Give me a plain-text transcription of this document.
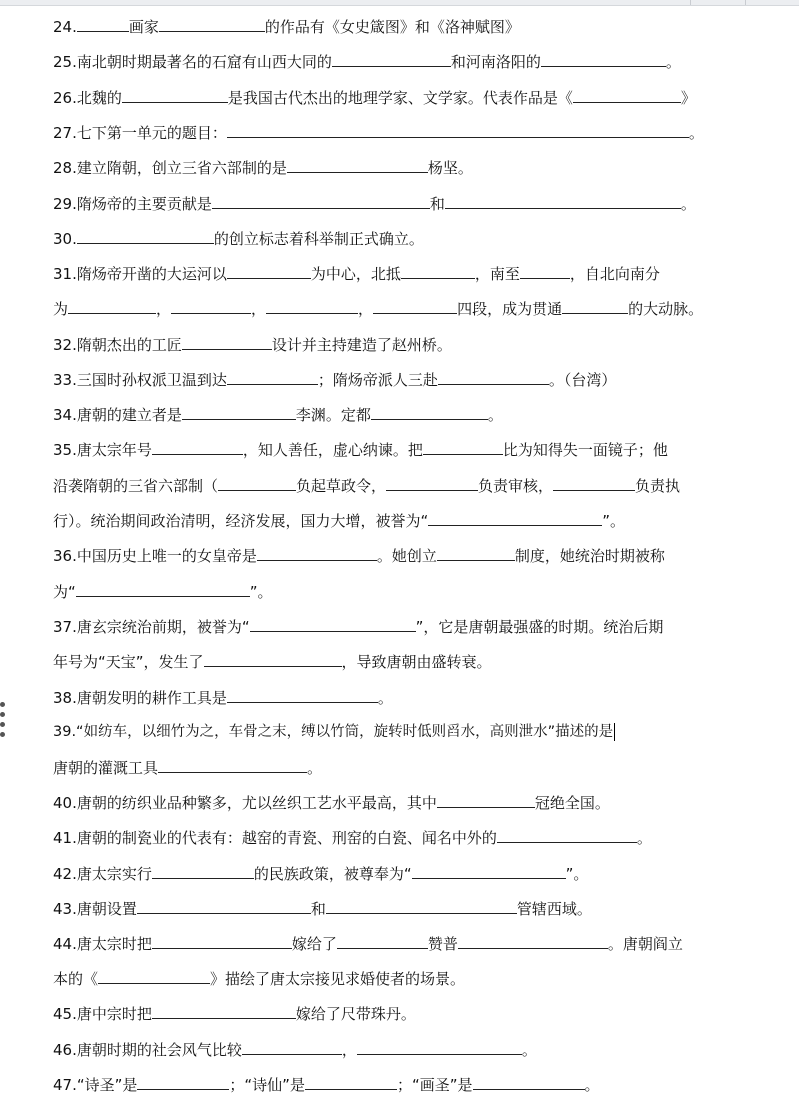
24.	画家	的作品有《女史箴图》和《洛神赋图》
25.南北朝时期最著名的石窟有山西大同的	和河南洛阳的	。
26.北魏的	是我国古代杰出的地理学家、文学家。代表作品是《	》
27.七下第一单元的题目：	。
28.建立隋朝，创立三省六部制的是	杨坚。
29.隋炀帝的主要贡献是	和	。
30.	的创立标志着科举制正式确立。
31.隋炀帝开凿的大运河以	为中心，北抵	，南至	，自北向南分
为	，	，	，	四段，成为贯通	的大动脉。
32.隋朝杰出的工匠	设计并主持建造了赵州桥。
33.三国时孙权派卫温到达	；隋炀帝派人三赴	。（台湾）
34.唐朝的建立者是	李渊。定都	。
35.唐太宗年号	，知人善任，虚心纳谏。把	比为知得失一面镜子；他
沿袭隋朝的三省六部制（	负起草政令，	负责审核，	负责执
行）。统治期间政治清明，经济发展，国力大增，被誉为“	”。
36.中国历史上唯一的女皇帝是	。她创立	制度，她统治时期被称
为“	”。
37.唐玄宗统治前期，被誉为“	”，它是唐朝最强盛的时期。统治后期
年号为“天宝”，发生了	，导致唐朝由盛转衰。
38.唐朝发明的耕作工具是	。
39.“如纺车，以细竹为之，车骨之末，缚以竹筒，旋转时低则舀水，高则泄水”描述的是
唐朝的灌溉工具	。
40.唐朝的纺织业品种繁多，尤以丝织工艺水平最高，其中	冠绝全国。
41.唐朝的制瓷业的代表有：越窑的青瓷、刑窑的白瓷、闻名中外的	。
42.唐太宗实行	的民族政策，被尊奉为“	”。
43.唐朝设置	和	管辖西域。
44.唐太宗时把	嫁给了	赞普	。唐朝阎立
本的《	》描绘了唐太宗接见求婚使者的场景。
45.唐中宗时把	嫁给了尺带珠丹。
46.唐朝时期的社会风气比较	，	。
47.“诗圣”是	；“诗仙”是	；“画圣”是	。
